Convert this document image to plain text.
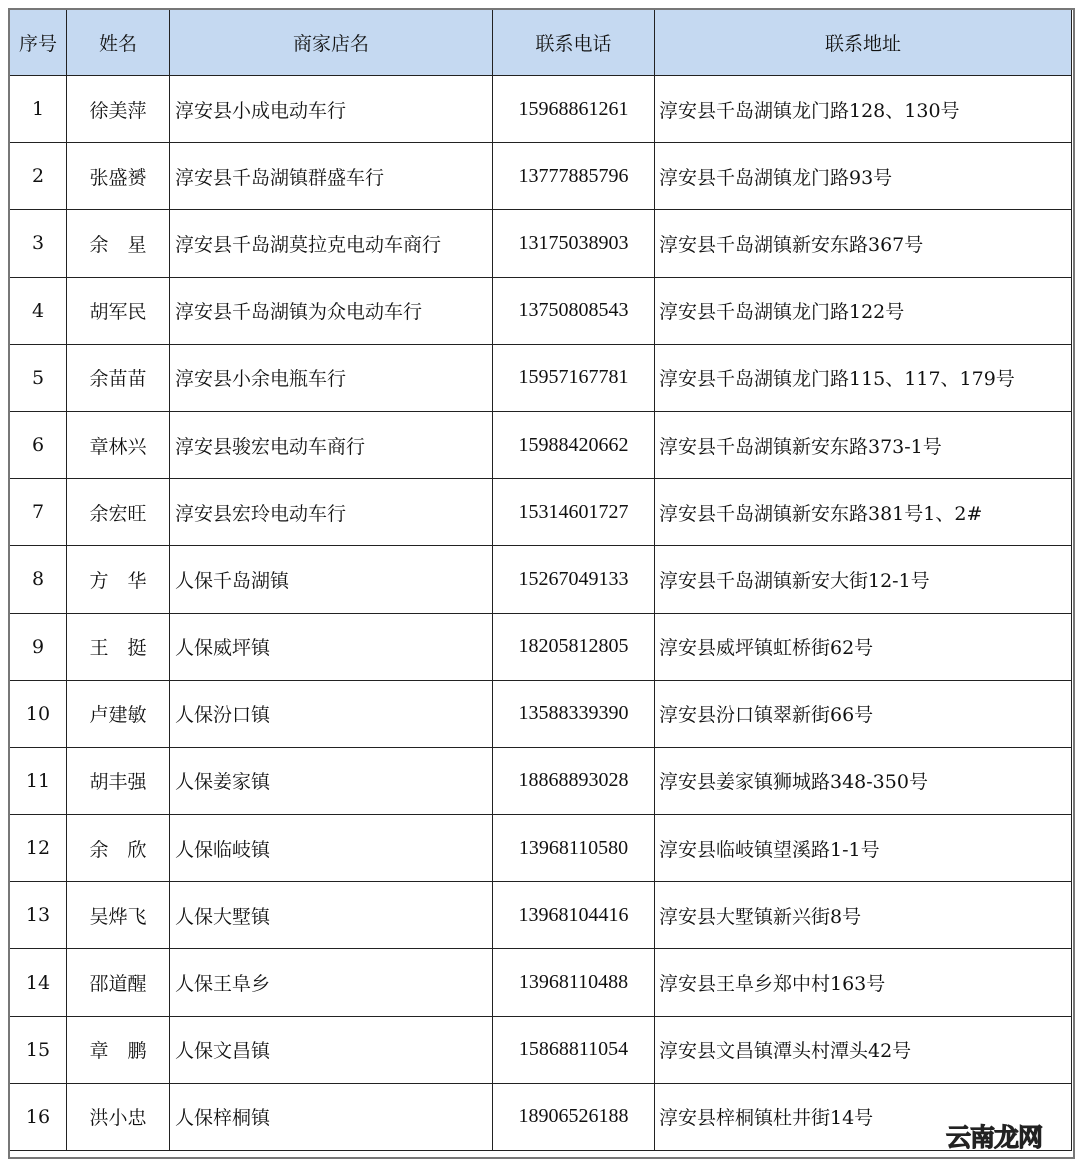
序号	姓名	商家店名	联系电话	联系地址
1	徐美萍	淳安县小成电动车行	15968861261	淳安县千岛湖镇龙门路128、130号
2	张盛赟	淳安县千岛湖镇群盛车行	13777885796	淳安县千岛湖镇龙门路93号
3	余　星	淳安县千岛湖莫拉克电动车商行	13175038903	淳安县千岛湖镇新安东路367号
4	胡军民	淳安县千岛湖镇为众电动车行	13750808543	淳安县千岛湖镇龙门路122号
5	余苗苗	淳安县小余电瓶车行	15957167781	淳安县千岛湖镇龙门路115、117、179号
6	章林兴	淳安县骏宏电动车商行	15988420662	淳安县千岛湖镇新安东路373-1号
7	余宏旺	淳安县宏玲电动车行	15314601727	淳安县千岛湖镇新安东路381号1、2#
8	方　华	人保千岛湖镇	15267049133	淳安县千岛湖镇新安大街12-1号
9	王　挺	人保威坪镇	18205812805	淳安县威坪镇虹桥街62号
10	卢建敏	人保汾口镇	13588339390	淳安县汾口镇翠新街66号
11	胡丰强	人保姜家镇	18868893028	淳安县姜家镇狮城路348-350号
12	余　欣	人保临岐镇	13968110580	淳安县临岐镇望溪路1-1号
13	吴烨飞	人保大墅镇	13968104416	淳安县大墅镇新兴街8号
14	邵道醒	人保王阜乡	13968110488	淳安县王阜乡郑中村163号
15	章　鹏	人保文昌镇	15868811054	淳安县文昌镇潭头村潭头42号
16	洪小忠	人保梓桐镇	18906526188	淳安县梓桐镇杜井街14号
云南龙网
